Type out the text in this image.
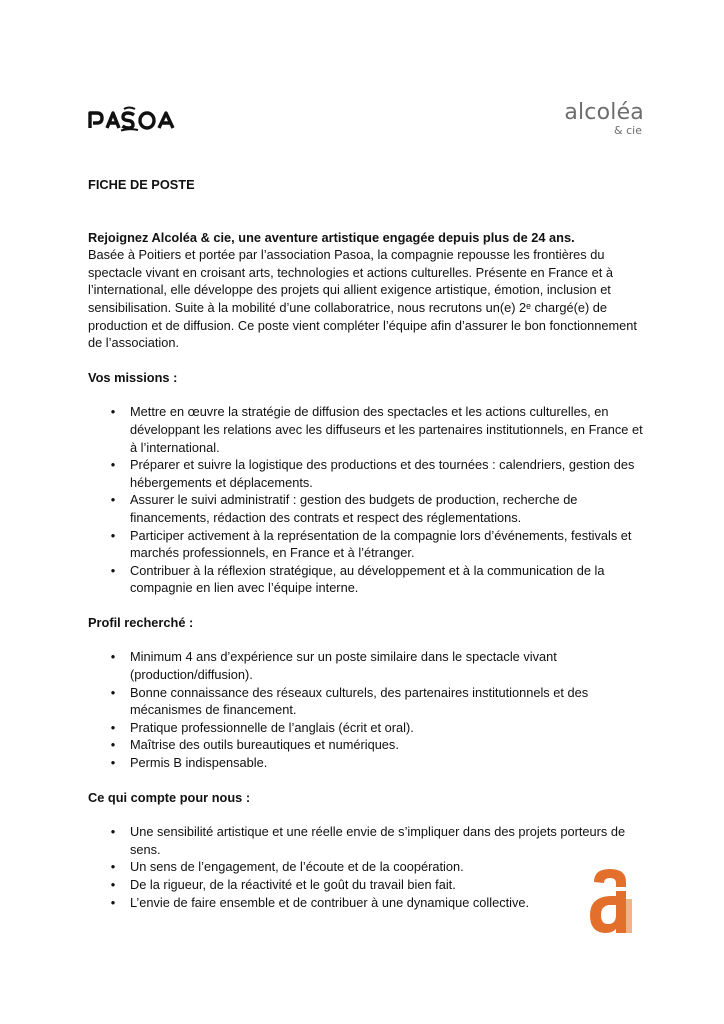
alcoléa
& cie

FICHE DE POSTE

Rejoignez Alcoléa & cie, une aventure artistique engagée depuis plus de 24 ans.

Basée à Poitiers et portée par l’association Pasoa, la compagnie repousse les frontières du spectacle vivant en croisant arts, technologies et actions culturelles. Présente en France et à l’international, elle développe des projets qui allient exigence artistique, émotion, inclusion et sensibilisation. Suite à la mobilité d’une collaboratrice, nous recrutons un(e) 2ᵉ chargé(e) de production et de diffusion. Ce poste vient compléter l’équipe afin d’assurer le bon fonctionnement de l’association.

Vos missions :

• Mettre en œuvre la stratégie de diffusion des spectacles et les actions culturelles, en développant les relations avec les diffuseurs et les partenaires institutionnels, en France et à l’international.
• Préparer et suivre la logistique des productions et des tournées : calendriers, gestion des hébergements et déplacements.
• Assurer le suivi administratif : gestion des budgets de production, recherche de financements, rédaction des contrats et respect des réglementations.
• Participer activement à la représentation de la compagnie lors d’événements, festivals et marchés professionnels, en France et à l’étranger.
• Contribuer à la réflexion stratégique, au développement et à la communication de la compagnie en lien avec l’équipe interne.

Profil recherché :

• Minimum 4 ans d’expérience sur un poste similaire dans le spectacle vivant (production/diffusion).
• Bonne connaissance des réseaux culturels, des partenaires institutionnels et des mécanismes de financement.
• Pratique professionnelle de l’anglais (écrit et oral).
• Maîtrise des outils bureautiques et numériques.
• Permis B indispensable.

Ce qui compte pour nous :

• Une sensibilité artistique et une réelle envie de s’impliquer dans des projets porteurs de sens.
• Un sens de l’engagement, de l’écoute et de la coopération.
• De la rigueur, de la réactivité et le goût du travail bien fait.
• L’envie de faire ensemble et de contribuer à une dynamique collective.
